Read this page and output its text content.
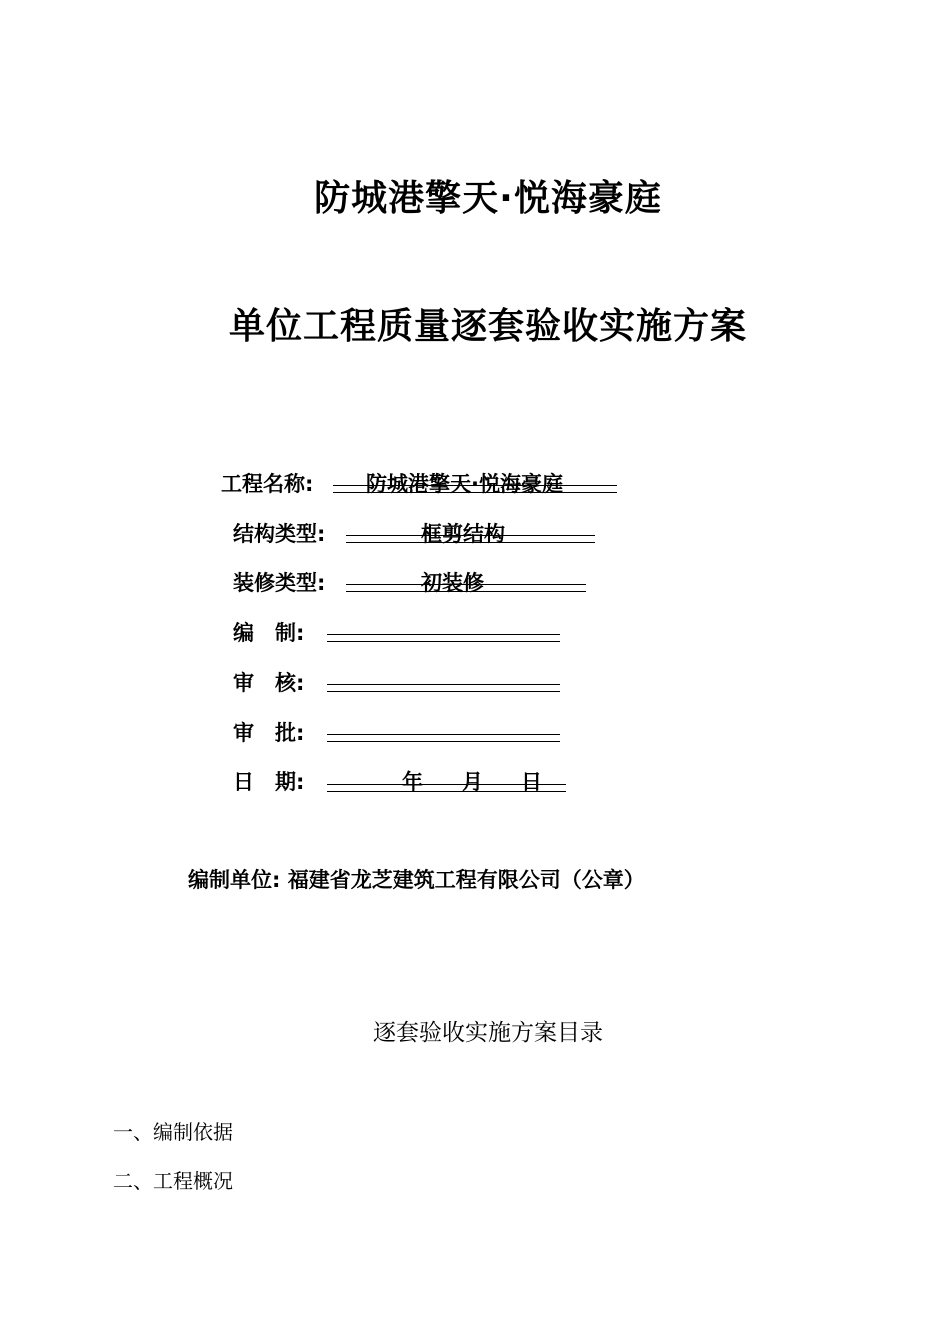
防城港擎天·悦海豪庭
单位工程质量逐套验收实施方案
工程名称:	防城港擎天·悦海豪庭
结构类型:	框剪结构
装修类型:	初装修
编　制:
审　核:
审　批:
日　期:	年 月 日
编制单位: 福建省龙芝建筑工程有限公司（公章）
逐套验收实施方案目录
一、编制依据
二、工程概况
